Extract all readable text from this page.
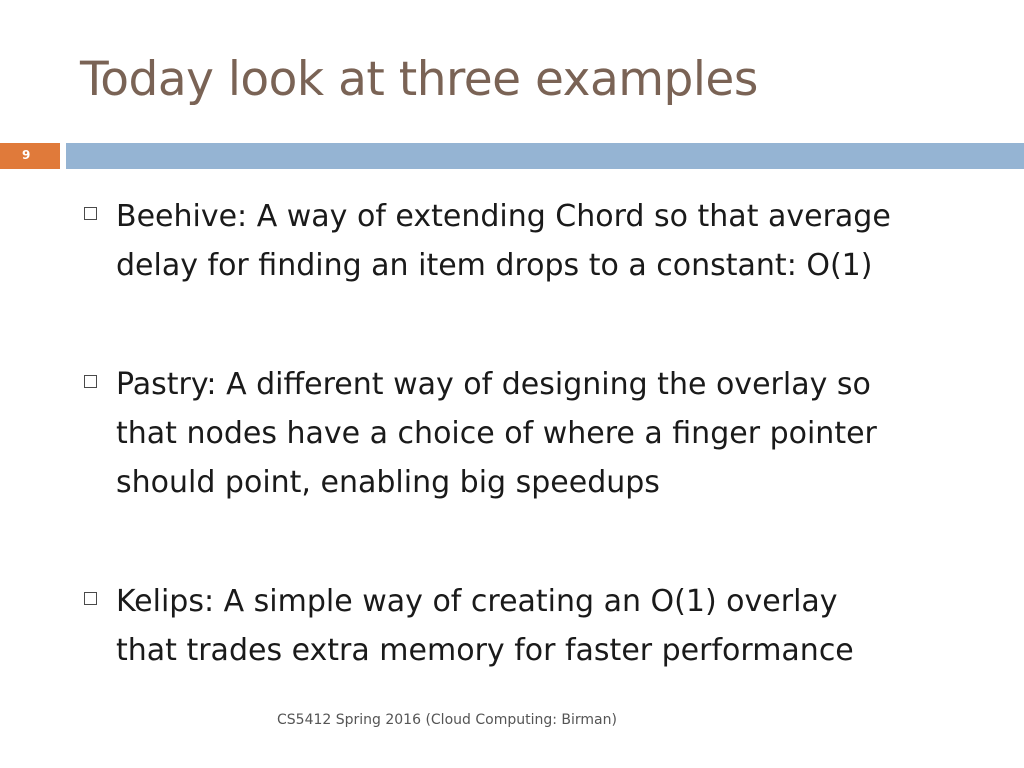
Today look at three examples
9
Beehive: A way of extending Chord so that average
delay for finding an item drops to a constant: O(1)
Pastry: A different way of designing the overlay so
that nodes have a choice of where a finger pointer
should point, enabling big speedups
Kelips: A simple way of creating an O(1) overlay
that trades extra memory for faster performance
CS5412 Spring 2016 (Cloud Computing: Birman)
